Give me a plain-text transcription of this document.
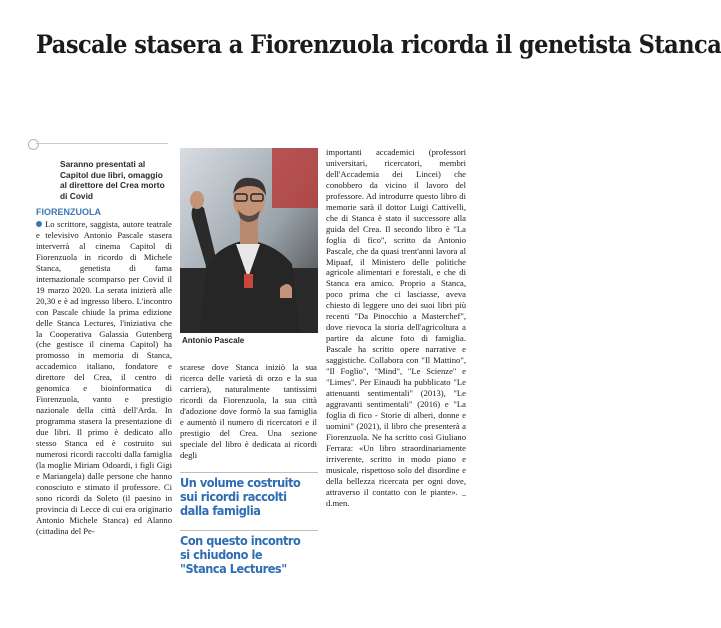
Pascale stasera a Fiorenzuola ricorda il genetista Stanca

Saranno presentati al Capitol due libri, omaggio al direttore del Crea morto di Covid

FIORENZUOLA

Lo scrittore, saggista, autore teatrale e televisivo Antonio Pascale stasera interverrà al cinema Capitol di Fiorenzuola in ricordo di Michele Stanca, genetista di fama internazionale scomparso per Covid il 19 marzo 2020. La serata inizierà alle 20,30 e è ad ingresso libero. L'incontro con Pascale chiude la prima edizione delle Stanca Lectures, l'iniziativa che la Cooperativa Galassia Gutenberg (che gestisce il cinema Capitol) ha promosso in memoria di Stanca, accademico italiano, fondatore e direttore del Crea, il centro di genomica e bioinformatica di Fiorenzuola, vanto e prestigio nazionale della città dell'Arda. In programma stasera la presentazione di due libri. Il primo è dedicato allo stesso Stanca ed è costruito sui numerosi ricordi raccolti dalla famiglia (la moglie Miriam Odoardi, i figli Gigi e Mariangela) dalle persone che hanno conosciuto e stimato il professore. Ci sono ricordi da Soleto (il paesino in provincia di Lecce di cui era originario Antonio Michele Stanca) ed Alanno (cittadina del Pe-

Antonio Pascale

scarese dove Stanca iniziò la sua ricerca delle varietà di orzo e la sua carriera), naturalmente tantissimi ricordi da Fiorenzuola, la sua città d'adozione dove formò la sua famiglia e aumentò il numero di ricercatori e il prestigio del Crea. Una sezione speciale del libro è dedicata ai ricordi degli

Un volume costruito sui ricordi raccolti dalla famiglia

Con questo incontro si chiudono le "Stanca Lectures"

importanti accademici (professori universitari, ricercatori, membri dell'Accademia dei Lincei) che conobbero da vicino il lavoro del professore. Ad introdurre questo libro di memorie sarà il dottor Luigi Cattivelli, che di Stanca è stato il successore alla guida del Crea. Il secondo libro è "La foglia di fico", scritto da Antonio Pascale, che da quasi trent'anni lavora al Mipaaf, il Ministero delle politiche agricole alimentari e forestali, e che di Stanca era amico. Proprio a Stanca, poco prima che ci lasciasse, aveva chiesto di leggere uno dei suoi libri più recenti "Da Pinocchio a Masterchef", dove rievoca la storia dell'agricoltura a partire da alcune foto di famiglia. Pascale ha scritto opere narrative e saggistiche. Collabora con "Il Mattino", "Il Foglio", "Mind", "Le Scienze" e "Limes". Per Einaudi ha pubblicato "Le attenuanti sentimentali" (2013), "Le aggravanti sentimentali" (2016) e "La foglia di fico - Storie di alberi, donne e uomini" (2021), il libro che presenterà a Fiorenzuola. Ne ha scritto così Giuliano Ferrara: «Un libro straordinariamente irriverente, scritto in modo piano e musicale, rispettoso solo del disordine e della bellezza ricercata per ogni dove, attraverso il contatto con le piante». _ d.men.
